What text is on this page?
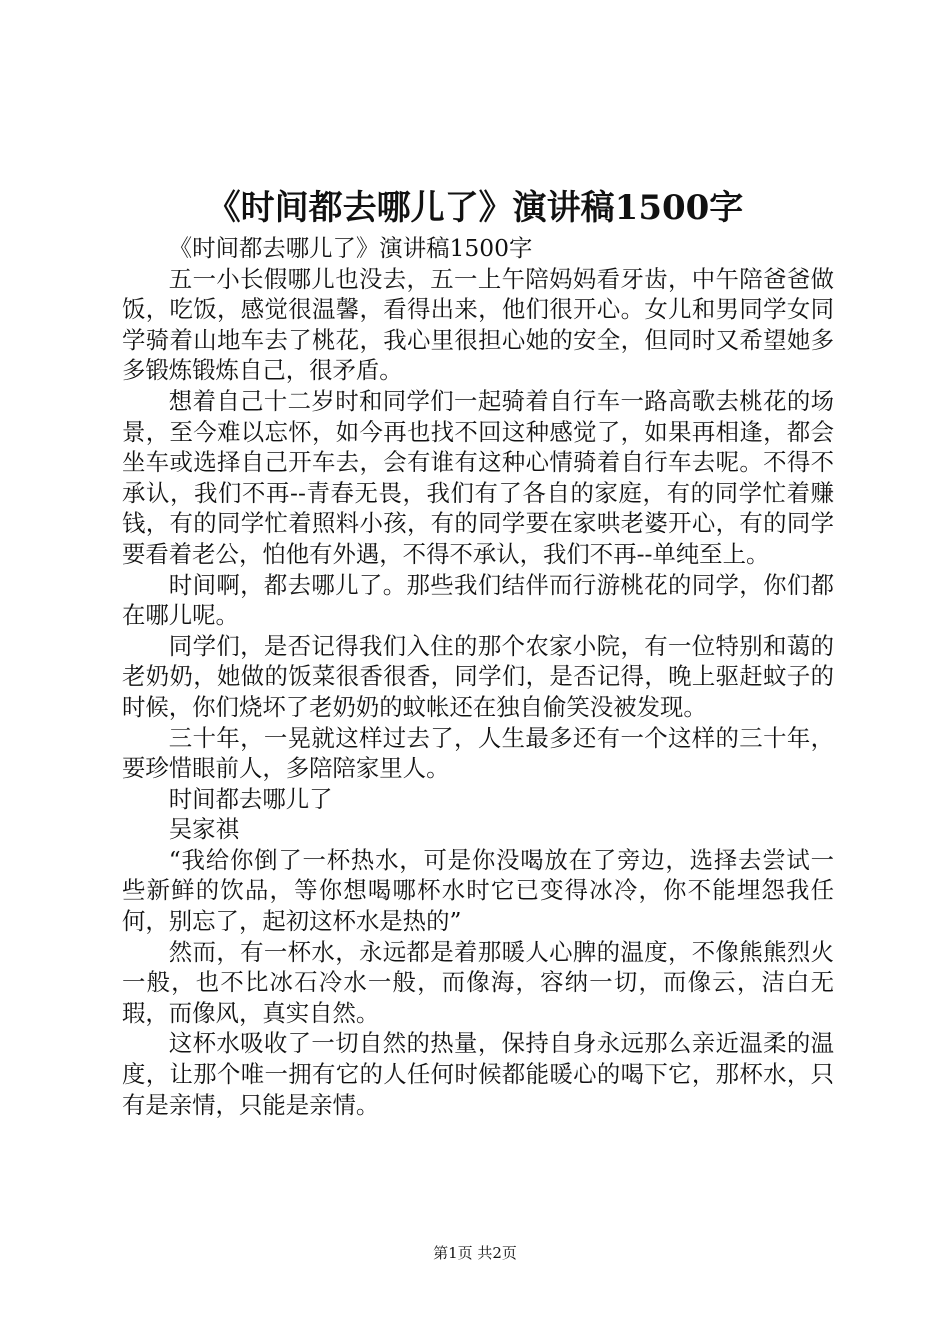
《时间都去哪儿了》演讲稿1500字

《时间都去哪儿了》演讲稿1500字

五一小长假哪儿也没去，五一上午陪妈妈看牙齿，中午陪爸爸做饭，吃饭，感觉很温馨，看得出来，他们很开心。女儿和男同学女同学骑着山地车去了桃花，我心里很担心她的安全，但同时又希望她多多锻炼锻炼自己，很矛盾。

想着自己十二岁时和同学们一起骑着自行车一路高歌去桃花的场景，至今难以忘怀，如今再也找不回这种感觉了，如果再相逢，都会坐车或选择自己开车去，会有谁有这种心情骑着自行车去呢。不得不承认，我们不再--青春无畏，我们有了各自的家庭，有的同学忙着赚钱，有的同学忙着照料小孩，有的同学要在家哄老婆开心，有的同学要看着老公，怕他有外遇，不得不承认，我们不再--单纯至上。

时间啊，都去哪儿了。那些我们结伴而行游桃花的同学，你们都在哪儿呢。

同学们，是否记得我们入住的那个农家小院，有一位特别和蔼的老奶奶，她做的饭菜很香很香，同学们，是否记得，晚上驱赶蚊子的时候，你们烧坏了老奶奶的蚊帐还在独自偷笑没被发现。

三十年，一晃就这样过去了，人生最多还有一个这样的三十年，要珍惜眼前人，多陪陪家里人。

时间都去哪儿了

吴家祺

“我给你倒了一杯热水，可是你没喝放在了旁边，选择去尝试一些新鲜的饮品，等你想喝哪杯水时它已变得冰冷，你不能埋怨我任何，别忘了，起初这杯水是热的”

然而，有一杯水，永远都是着那暖人心脾的温度，不像熊熊烈火一般，也不比冰石冷水一般，而像海，容纳一切，而像云，洁白无瑕，而像风，真实自然。

这杯水吸收了一切自然的热量，保持自身永远那么亲近温柔的温度，让那个唯一拥有它的人任何时候都能暖心的喝下它，那杯水，只有是亲情，只能是亲情。

第1页 共2页
